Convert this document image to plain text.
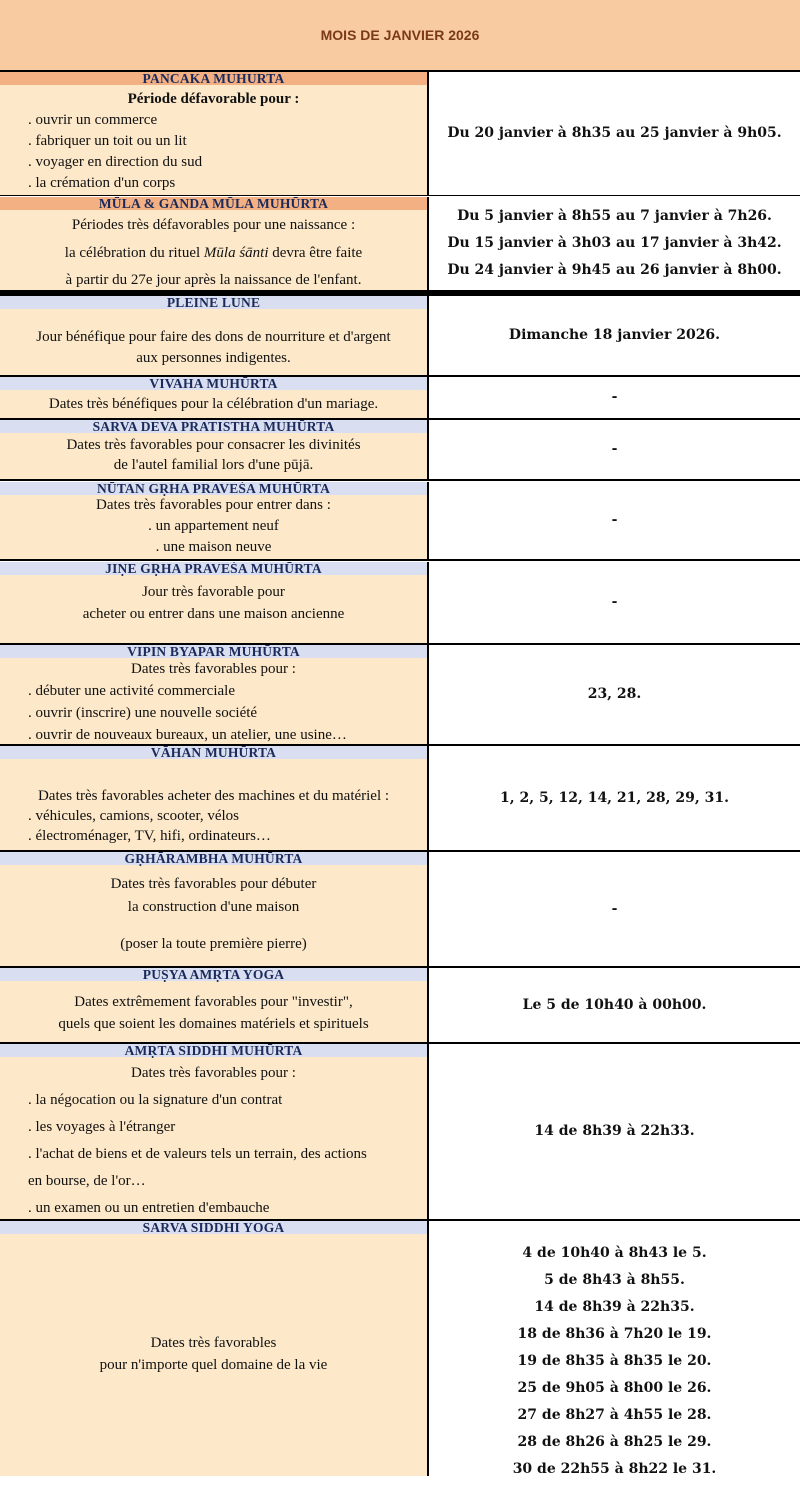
MOIS DE JANVIER 2026
PANCAKA MUHURTA
Période défavorable pour :
. ouvrir un commerce
. fabriquer un toit ou un lit
. voyager en direction du sud
. la crémation d'un corps
Du 20 janvier à 8h35 au 25 janvier à 9h05.
MŪLA & GANDA MŪLA MUHŪRTA
Périodes très défavorables pour une naissance :
la célébration du rituel Mūla śānti devra être faite
à partir du 27e jour après la naissance de l'enfant.
Du 5 janvier à 8h55 au 7 janvier à 7h26.
Du 15 janvier à 3h03 au 17 janvier à 3h42.
Du 24 janvier à 9h45 au 26 janvier à 8h00.
PLEINE LUNE
Jour bénéfique pour faire des dons de nourriture et d'argent
aux personnes indigentes.
Dimanche 18 janvier 2026.
VIVAHA MUHŪRTA
Dates très bénéfiques pour la célébration d'un mariage.	-
SARVA DEVA PRATISTHA MUHŪRTA
Dates très favorables pour consacrer les divinités
de l'autel familial lors d'une pūjā.
-
NŪTAN GṚHA PRAVEŚA MUHŪRTA
Dates très favorables pour entrer dans :
. un appartement neuf
. une maison neuve
-
JIṆE GṚHA PRAVEŚA MUHŪRTA
Jour très favorable pour
acheter ou entrer dans une maison ancienne
-
VIPIN BYAPAR MUHŪRTA
Dates très favorables pour :
. débuter une activité commerciale
. ouvrir (inscrire) une nouvelle société
. ouvrir de nouveaux bureaux, un atelier, une usine…
23, 28.
VĀHAN MUHŪRTA
Dates très favorables acheter des machines et du matériel :
. véhicules, camions, scooter, vélos
. électroménager, TV, hifi, ordinateurs…
1, 2, 5, 12, 14, 21, 28, 29, 31.
GṚHĀRAMBHA MUHŪRTA
Dates très favorables pour débuter
la construction d'une maison
(poser la toute première pierre)
-
PUṢYA AMṚTA YOGA
Dates extrêmement favorables pour "investir",
quels que soient les domaines matériels et spirituels
Le 5 de 10h40 à 00h00.
AMṚTA SIDDHI MUHŪRTA
Dates très favorables pour :
. la négocation ou la signature d'un contrat
. les voyages à l'étranger
. l'achat de biens et de valeurs tels un terrain, des actions
en bourse, de l'or…
. un examen ou un entretien d'embauche
14 de 8h39 à 22h33.
SARVA SIDDHI YOGA
Dates très favorables
pour n'importe quel domaine de la vie
4 de 10h40 à 8h43 le 5.
5 de 8h43 à 8h55.
14 de 8h39 à 22h35.
18 de 8h36 à 7h20 le 19.
19 de 8h35 à 8h35 le 20.
25 de 9h05 à 8h00 le 26.
27 de 8h27 à 4h55 le 28.
28 de 8h26 à 8h25 le 29.
30 de 22h55 à 8h22 le 31.
